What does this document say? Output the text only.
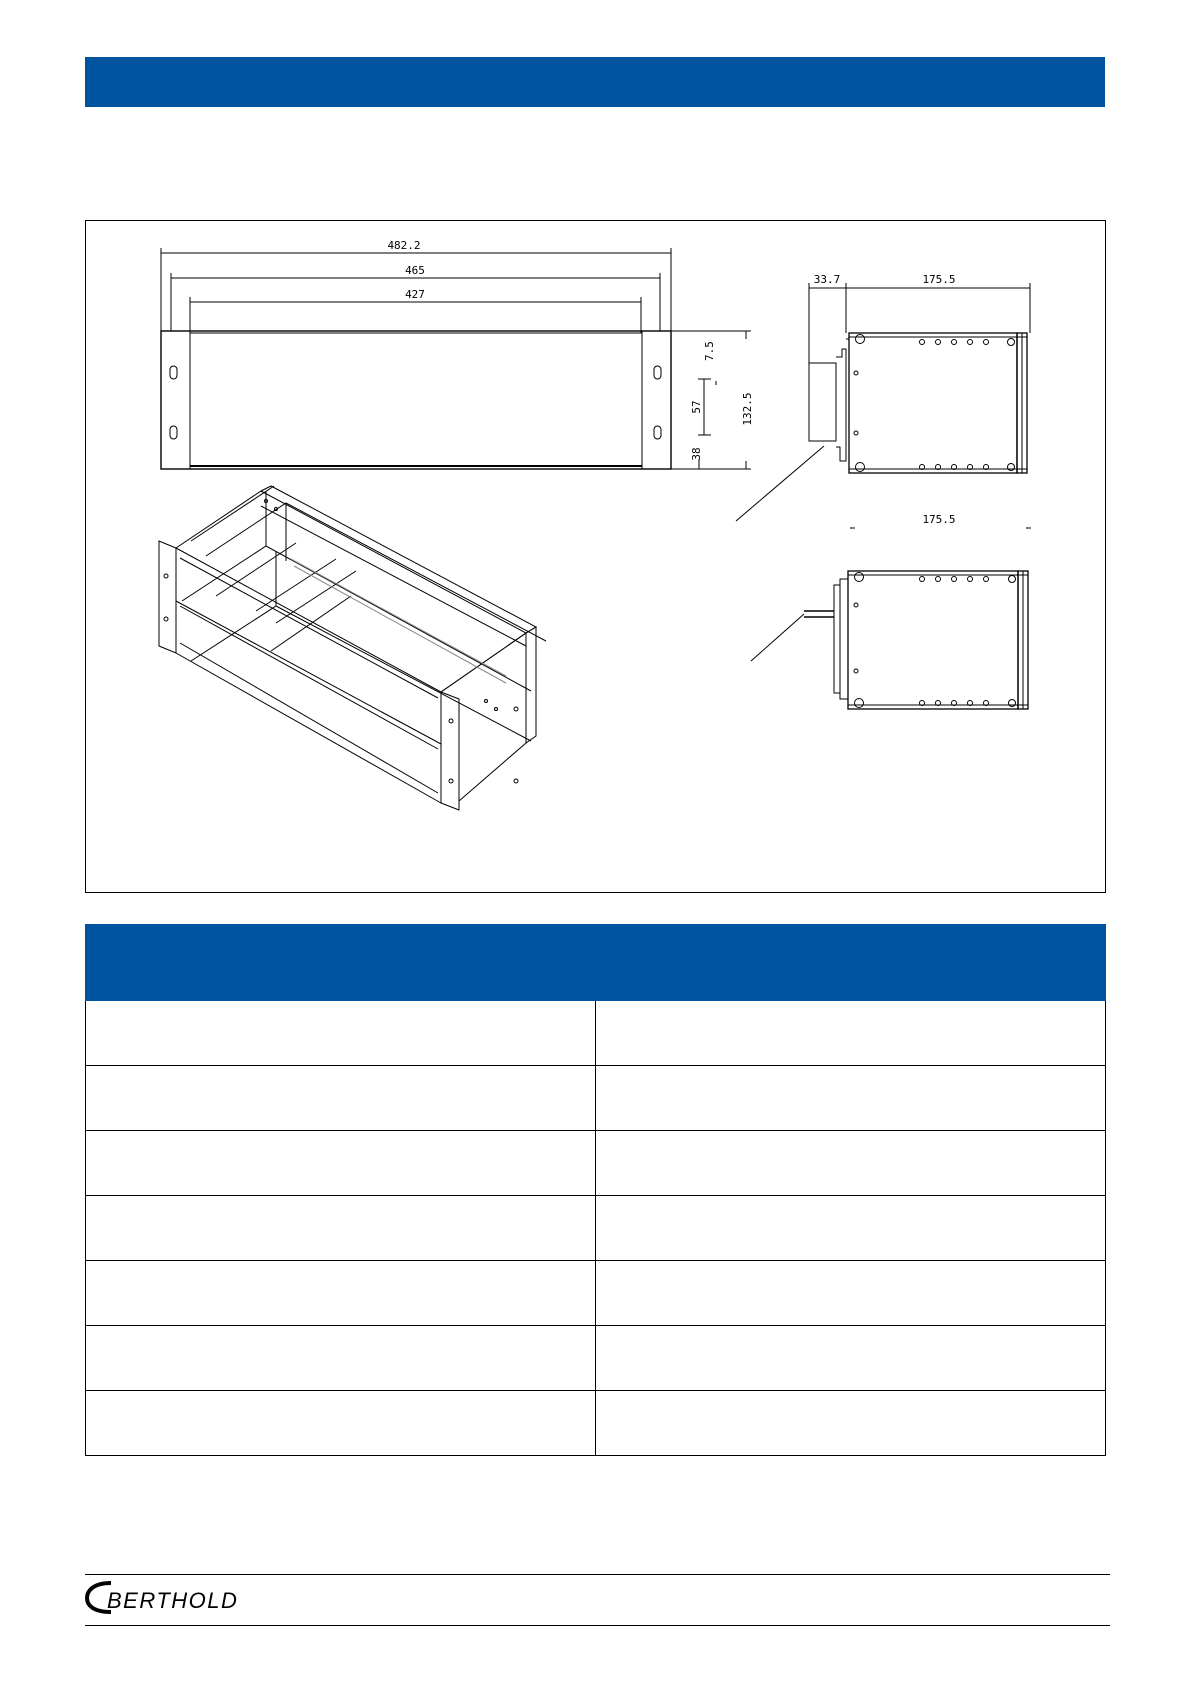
482.2
465
427
132.5
7.5
57
38
33.7	175.5
175.5

BERTHOLD
